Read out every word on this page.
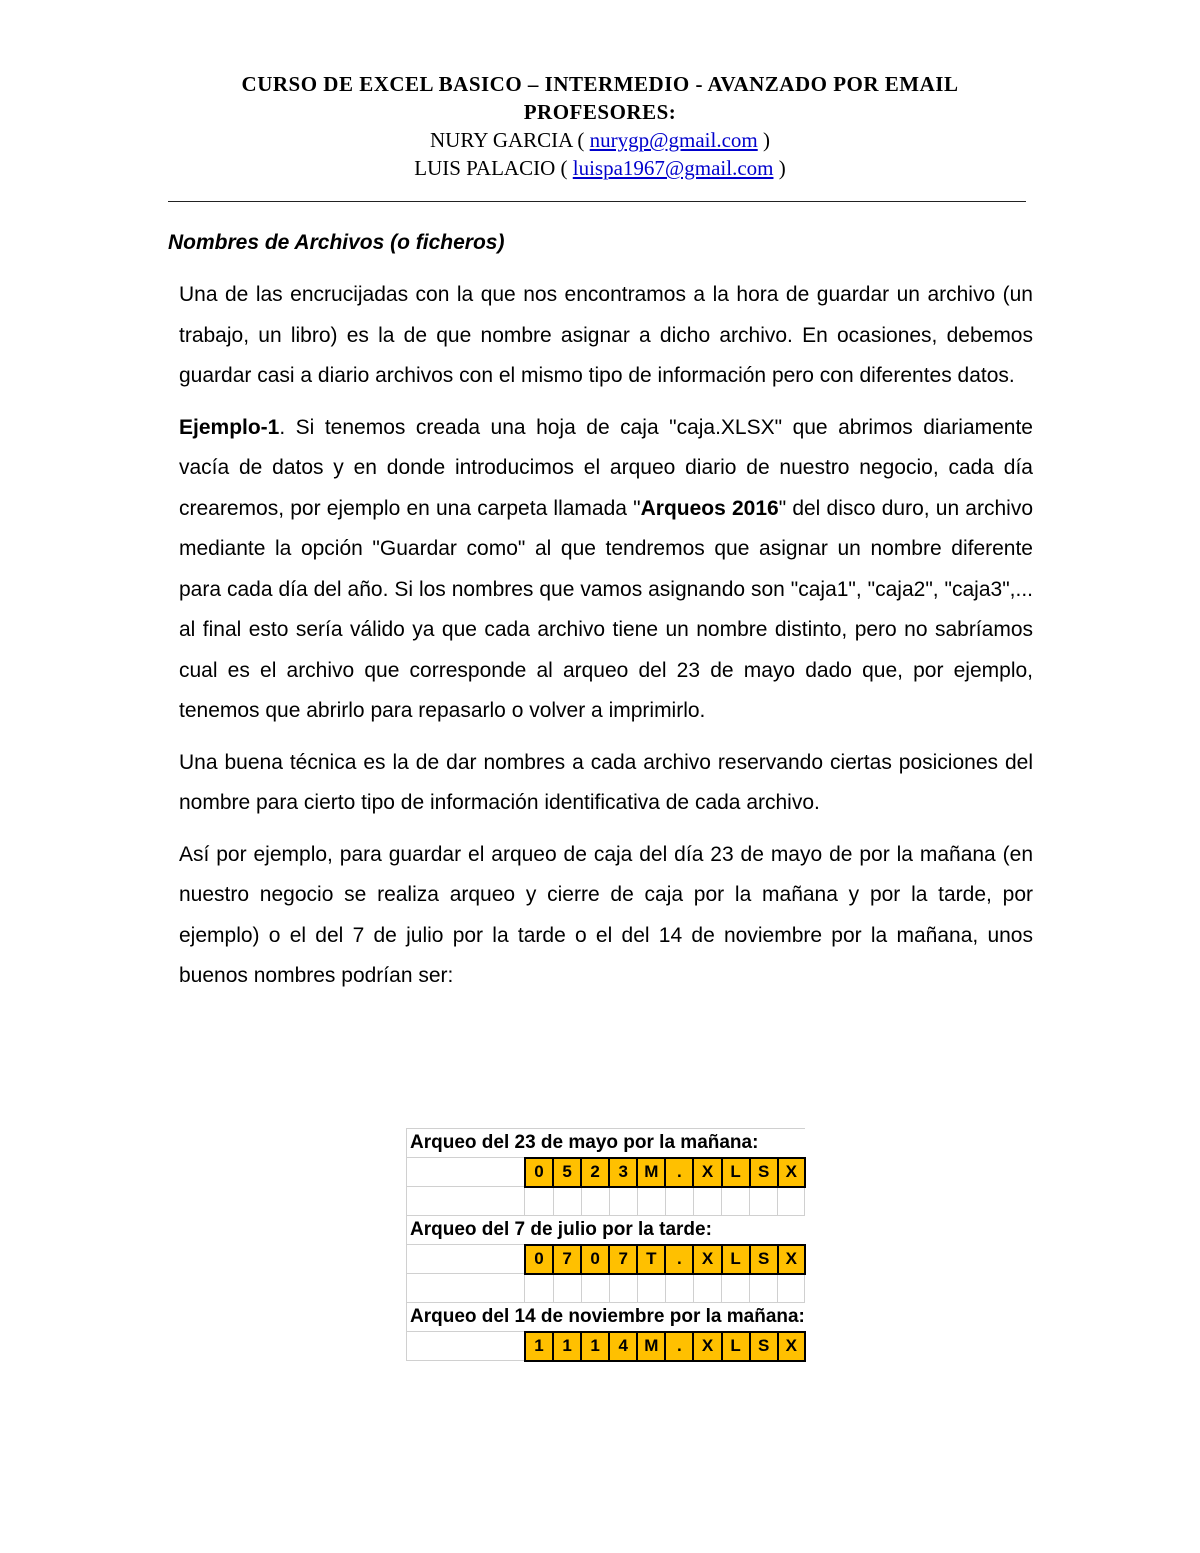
CURSO DE EXCEL BASICO – INTERMEDIO - AVANZADO POR EMAIL
PROFESORES:
NURY GARCIA ( nurygp@gmail.com )
LUIS PALACIO ( luispa1967@gmail.com )
Nombres de Archivos (o ficheros)

Una de las encrucijadas con la que nos encontramos a la hora de guardar un archivo (un trabajo, un libro) es la de que nombre asignar a dicho archivo. En ocasiones, debemos guardar casi a diario archivos con el mismo tipo de información pero con diferentes datos.

Ejemplo-1. Si tenemos creada una hoja de caja "caja.XLSX" que abrimos diariamente vacía de datos y en donde introducimos el arqueo diario de nuestro negocio, cada día crearemos, por ejemplo en una carpeta llamada "Arqueos 2016" del disco duro, un archivo mediante la opción "Guardar como" al que tendremos que asignar un nombre diferente para cada día del año. Si los nombres que vamos asignando son "caja1", "caja2", "caja3",... al final esto sería válido ya que cada archivo tiene un nombre distinto, pero no sabríamos cual es el archivo que corresponde al arqueo del 23 de mayo dado que, por ejemplo, tenemos que abrirlo para repasarlo o volver a imprimirlo.

Una buena técnica es la de dar nombres a cada archivo reservando ciertas posiciones del nombre para cierto tipo de información identificativa de cada archivo.

Así por ejemplo, para guardar el arqueo de caja del día 23 de mayo de por la mañana (en nuestro negocio se realiza arqueo y cierre de caja por la mañana y por la tarde, por ejemplo) o el del 7 de julio por la tarde o el del 14 de noviembre por la mañana, unos buenos nombres podrían ser:

Arqueo del 23 de mayo por la mañana:										
	0	5	2	3	M	.	X	L	S	X

Arqueo del 7 de julio por la tarde:										
	0	7	0	7	T	.	X	L	S	X

Arqueo del 14 de noviembre por la mañana:										
	1	1	1	4	M	.	X	L	S	X
